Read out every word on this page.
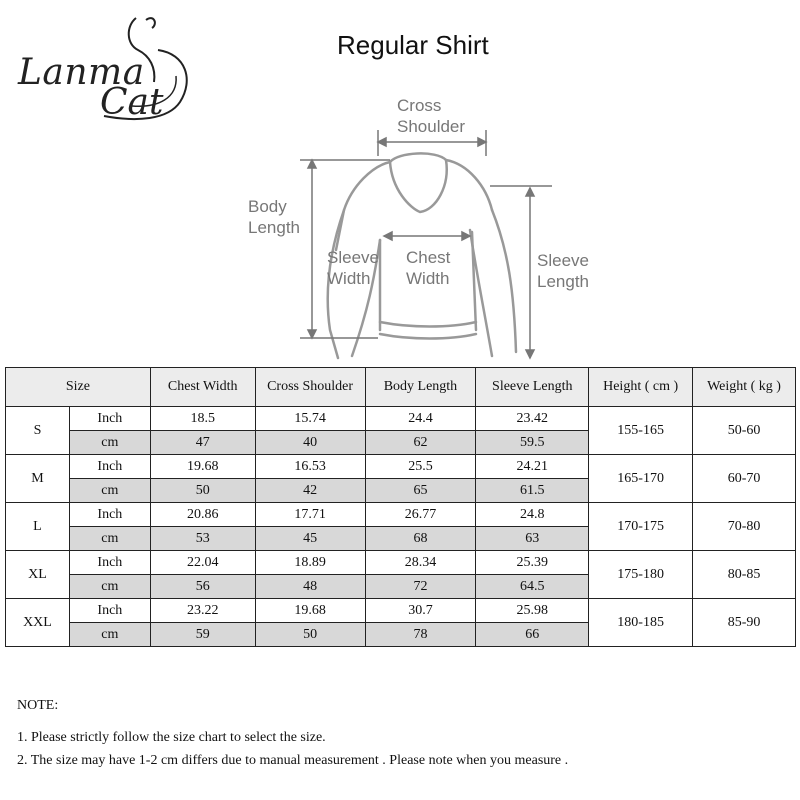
Lanma
Cat
Regular Shirt
Cross
Shoulder
Body
Length
Sleeve
Width
Chest
Width
Sleeve
Length
Size		Chest Width	Cross Shoulder	Body Length	Sleeve Length	Height ( cm )	Weight ( kg )
S	Inch	18.5	15.74	24.4	23.42	155-165	50-60
	cm	47	40	62	59.5		
M	Inch	19.68	16.53	25.5	24.21	165-170	60-70
	cm	50	42	65	61.5		
L	Inch	20.86	17.71	26.77	24.8	170-175	70-80
	cm	53	45	68	63		
XL	Inch	22.04	18.89	28.34	25.39	175-180	80-85
	cm	56	48	72	64.5		
XXL	Inch	23.22	19.68	30.7	25.98	180-185	85-90
	cm	59	50	78	66		
NOTE:
1. Please strictly follow the size chart to select the size.
2. The size may have 1-2 cm differs due to manual measurement . Please note when you measure .
